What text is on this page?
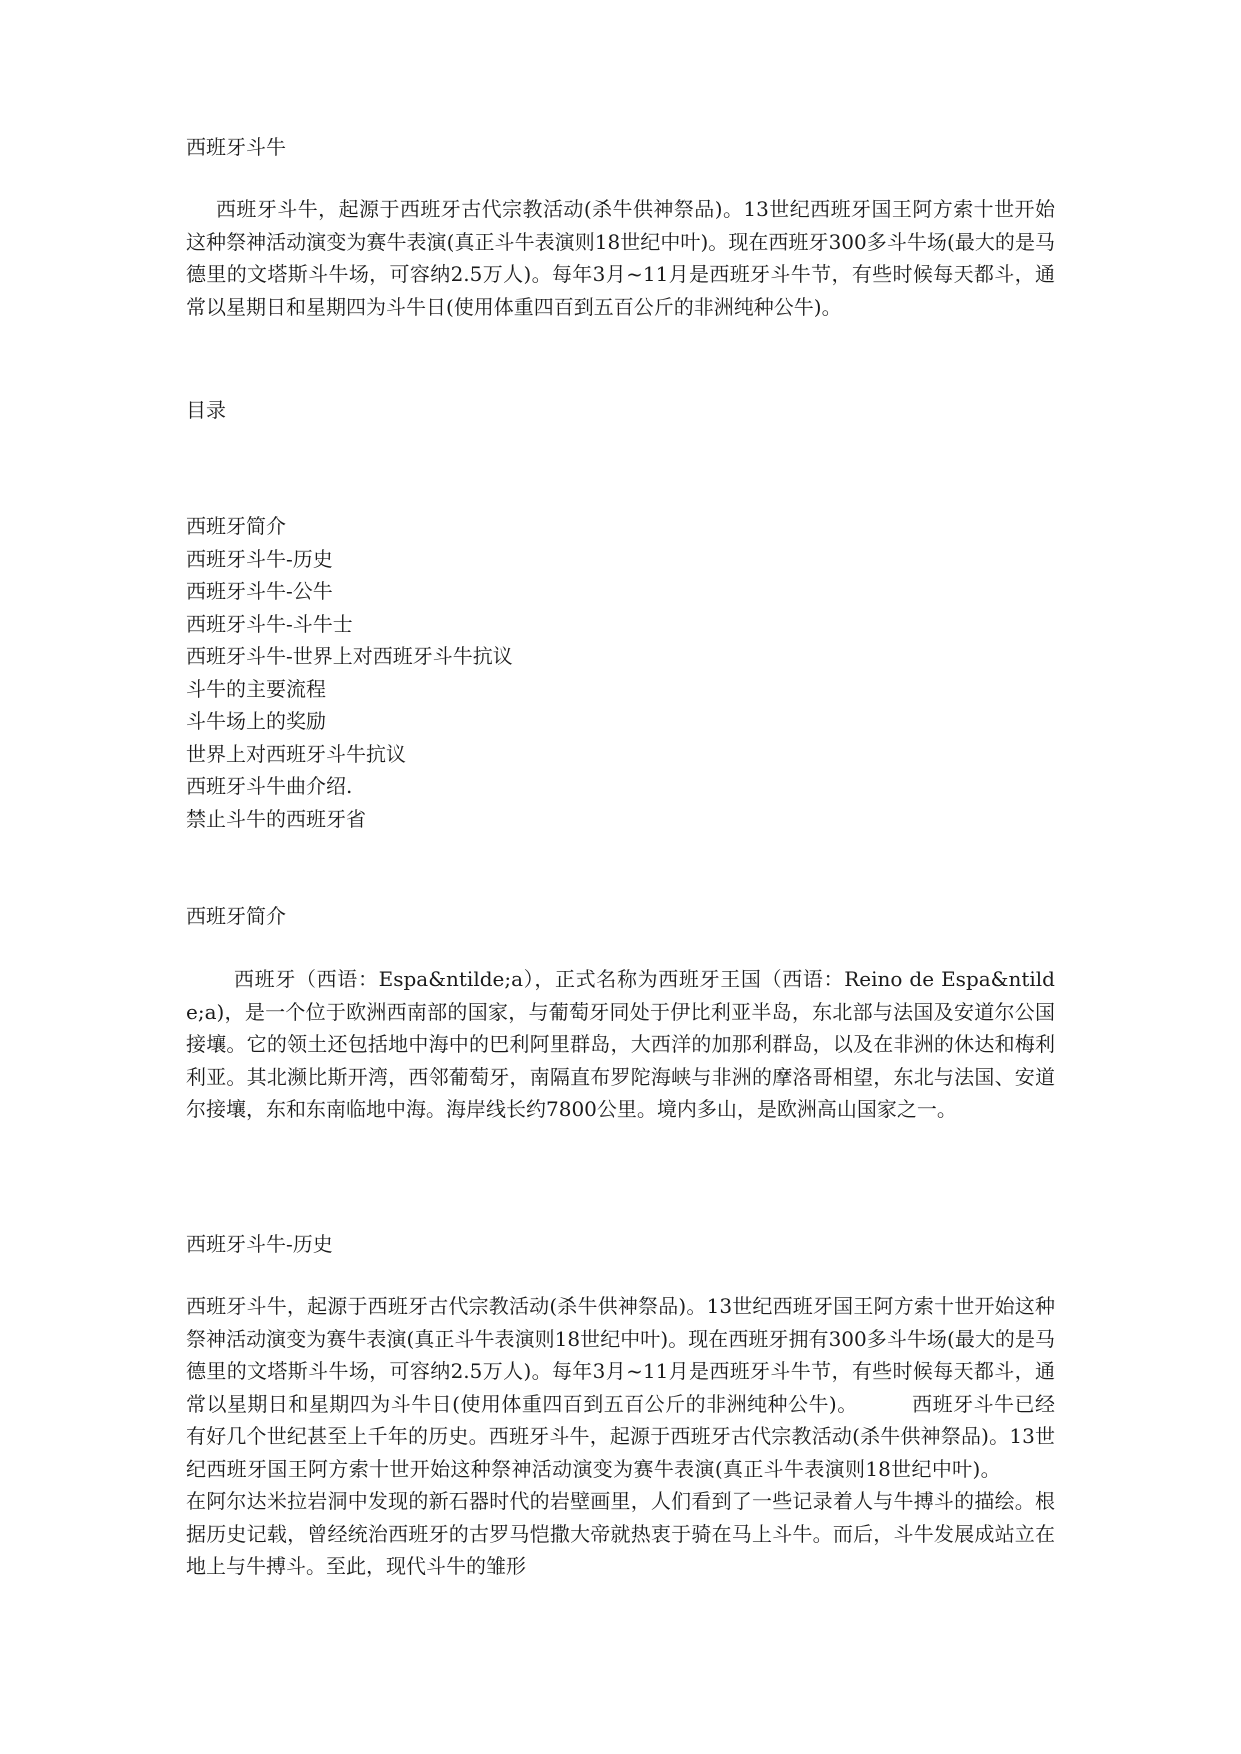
西班牙斗牛

西班牙斗牛，起源于西班牙古代宗教活动(杀牛供神祭品)。13世纪西班牙国王阿方索十世开始这种祭神活动演变为赛牛表演(真正斗牛表演则18世纪中叶)。现在西班牙300多斗牛场(最大的是马德里的文塔斯斗牛场，可容纳2.5万人)。每年3月~11月是西班牙斗牛节，有些时候每天都斗，通常以星期日和星期四为斗牛日(使用体重四百到五百公斤的非洲纯种公牛)。

目录
西班牙简介
西班牙斗牛-历史
西班牙斗牛-公牛
西班牙斗牛-斗牛士
西班牙斗牛-世界上对西班牙斗牛抗议
斗牛的主要流程
斗牛场上的奖励
世界上对西班牙斗牛抗议
西班牙斗牛曲介绍.
禁止斗牛的西班牙省
西班牙简介

西班牙（西语：Espa&ntilde;a），正式名称为西班牙王国（西语：Reino de Espa&ntilde;a)，是一个位于欧洲西南部的国家，与葡萄牙同处于伊比利亚半岛，东北部与法国及安道尔公国接壤。它的领土还包括地中海中的巴利阿里群岛，大西洋的加那利群岛，以及在非洲的休达和梅利利亚。其北濒比斯开湾，西邻葡萄牙，南隔直布罗陀海峡与非洲的摩洛哥相望，东北与法国、安道尔接壤，东和东南临地中海。海岸线长约7800公里。境内多山，是欧洲高山国家之一。

西班牙斗牛-历史

西班牙斗牛，起源于西班牙古代宗教活动(杀牛供神祭品)。13世纪西班牙国王阿方索十世开始这种祭神活动演变为赛牛表演(真正斗牛表演则18世纪中叶)。现在西班牙拥有300多斗牛场(最大的是马德里的文塔斯斗牛场，可容纳2.5万人)。每年3月~11月是西班牙斗牛节，有些时候每天都斗，通常以星期日和星期四为斗牛日(使用体重四百到五百公斤的非洲纯种公牛)。	西班牙斗牛已经有好几个世纪甚至上千年的历史。西班牙斗牛，起源于西班牙古代宗教活动(杀牛供神祭品)。13世纪西班牙国王阿方索十世开始这种祭神活动演变为赛牛表演(真正斗牛表演则18世纪中叶)。在阿尔达米拉岩洞中发现的新石器时代的岩壁画里，人们看到了一些记录着人与牛搏斗的描绘。根据历史记载，曾经统治西班牙的古罗马恺撒大帝就热衷于骑在马上斗牛。而后，斗牛发展成站立在地上与牛搏斗。至此，现代斗牛的雏形
